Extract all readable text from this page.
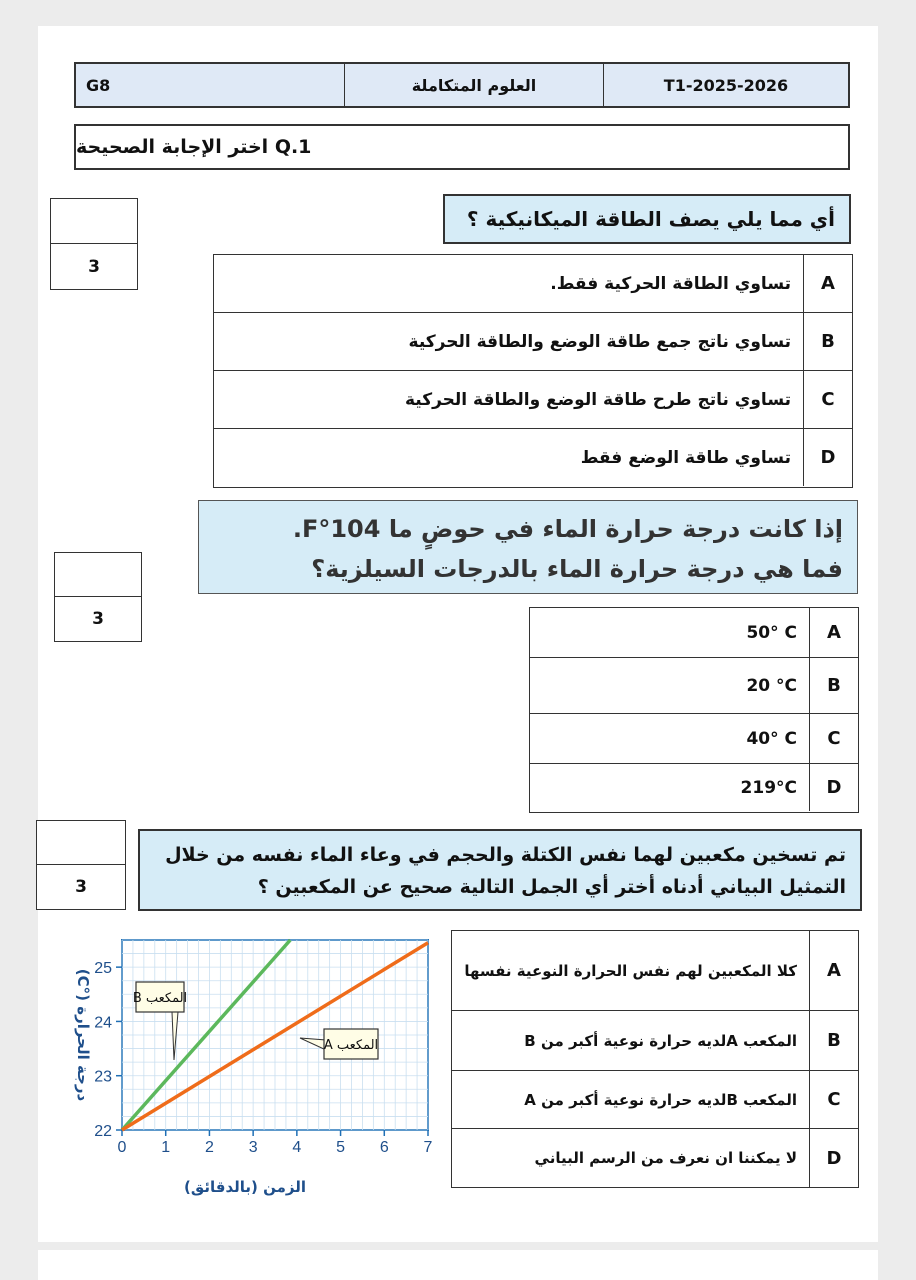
G8	العلوم المتكاملة	T1-2025-2026
Q.1 اختر الإجابة الصحيحة
3
أي مما يلي يصف الطاقة الميكانيكية ؟
A
تساوي الطاقة الحركية فقط.
B
تساوي ناتج جمع طاقة الوضع والطاقة الحركية
C
تساوي ناتج طرح طاقة الوضع والطاقة الحركية
D
تساوي طاقة الوضع فقط
3
إذا كانت درجة حرارة الماء في حوضٍ ما 104°F.
فما هي درجة حرارة الماء بالدرجات السيلزية؟
A
50° C
B
20 °C
C
40° C
D
219°C
3
تم تسخين مكعبين لهما نفس الكتلة والحجم في وعاء الماء نفسه من خلال
التمثيل البياني أدناه أختر أي الجمل التالية صحيح عن المكعبين ؟
A
كلا المكعبين لهم نفس الحرارة النوعية نفسها
B
المكعب Aلديه حرارة نوعية أكبر من B
C
المكعب Bلديه حرارة نوعية أكبر من A
D
لا يمكننا ان نعرف من الرسم البياني
0 1 2 3 4 5 6 7
22
23
24
25
المكعب B
المكعب A
الزمن (بالدقائق)
درجة الحرارة (°C)
